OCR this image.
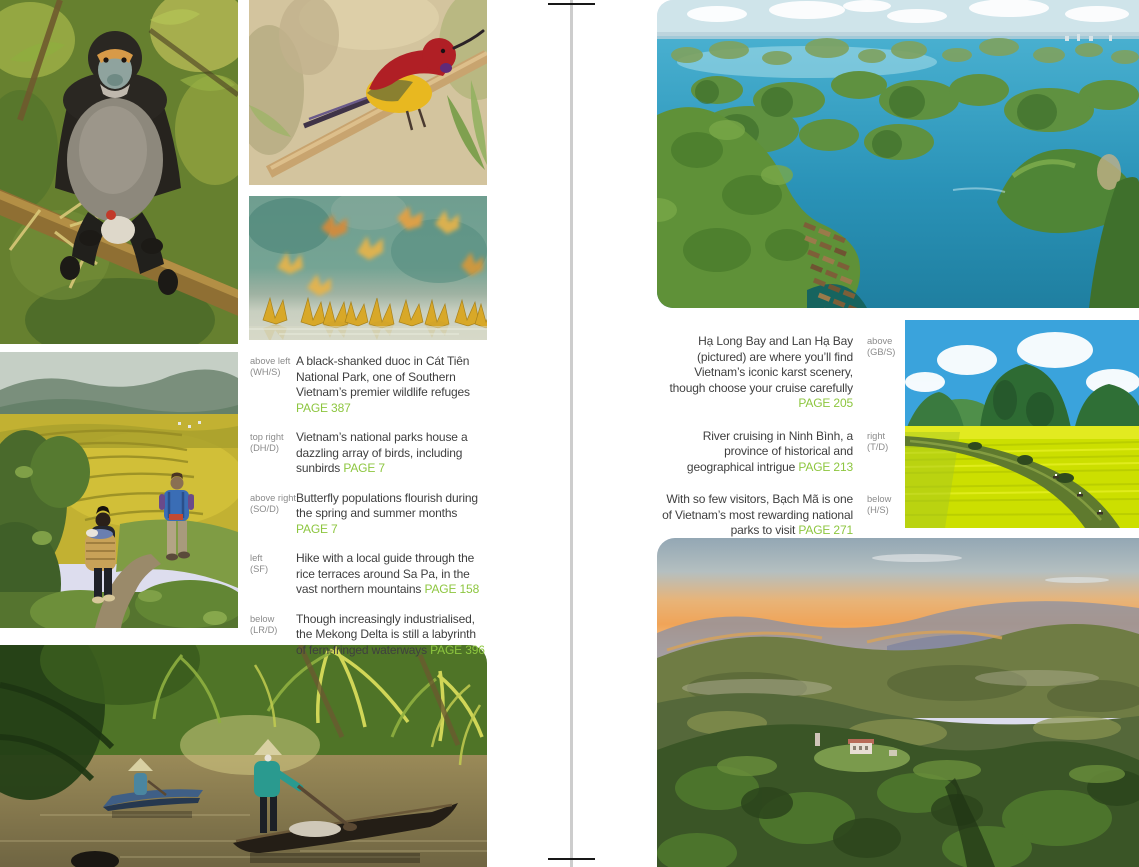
above left
(WH/S)
A black-shanked duoc in Cát Tiên National Park, one of Southern Vietnam’s premier wildlife refuges PAGE 387
top right
(DH/D)
Vietnam’s national parks house a dazzling array of birds, including sunbirds PAGE 7
above right
(SO/D)
Butterfly populations flourish during the spring and summer months PAGE 7
left
(SF)
Hike with a local guide through the rice terraces around Sa Pa, in the vast northern mountains PAGE 158
below
(LR/D)
Though increasingly industrialised, the Mekong Delta is still a labyrinth of fern-fringed waterways PAGE 396
Hạ Long Bay and Lan Hạ Bay (pictured) are where you’ll find Vietnam’s iconic karst scenery, though choose your cruise carefully PAGE 205
above
(GB/S)
River cruising in Ninh Bình, a province of historical and geographical intrigue PAGE 213
right
(T/D)
With so few visitors, Bạch Mã is one of Vietnam’s most rewarding national parks to visit PAGE 271
below
(H/S)
